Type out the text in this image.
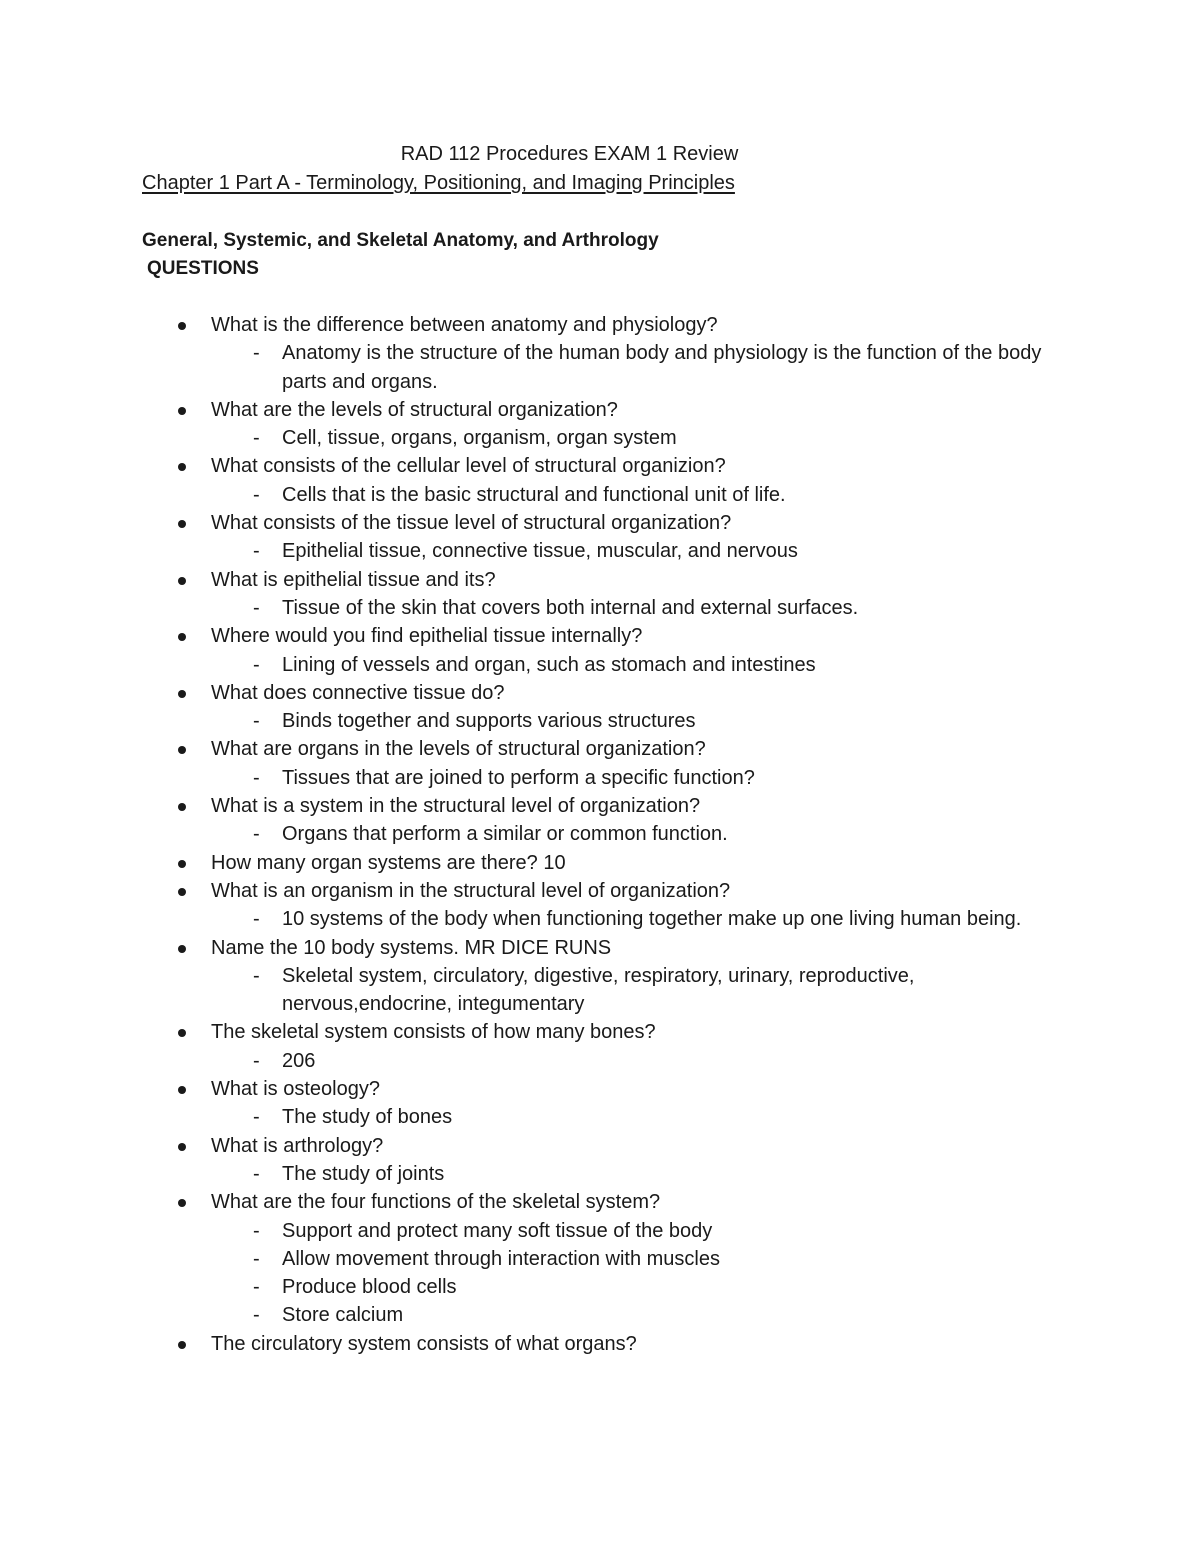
RAD 112 Procedures EXAM 1 Review
Chapter 1 Part A - Terminology, Positioning, and Imaging Principles
General, Systemic, and Skeletal Anatomy, and Arthrology
QUESTIONS
What is the difference between anatomy and physiology?
- Anatomy is the structure of the human body and physiology is the function of the body parts and organs.
What are the levels of structural organization?
- Cell, tissue, organs, organism, organ system
What consists of the cellular level of structural organizion?
- Cells that is the basic structural and functional unit of life.
What consists of the tissue level of structural organization?
- Epithelial tissue, connective tissue, muscular, and nervous
What is epithelial tissue and its?
- Tissue of the skin that covers both internal and external surfaces.
Where would you find epithelial tissue internally?
- Lining of vessels and organ, such as stomach and intestines
What does connective tissue do?
- Binds together and supports various structures
What are organs in the levels of structural organization?
- Tissues that are joined to perform a specific function?
What is a system in the structural level of organization?
- Organs that perform a similar or common function.
How many organ systems are there? 10
What is an organism in the structural level of organization?
- 10 systems of the body when functioning together make up one living human being.
Name the 10 body systems. MR DICE RUNS
- Skeletal system, circulatory, digestive, respiratory, urinary, reproductive, nervous,endocrine, integumentary
The skeletal system consists of how many bones?
- 206
What is osteology?
- The study of bones
What is arthrology?
- The study of joints
What are the four functions of the skeletal system?
- Support and protect many soft tissue of the body
- Allow movement through interaction with muscles
- Produce blood cells
- Store calcium
The circulatory system consists of what organs?
